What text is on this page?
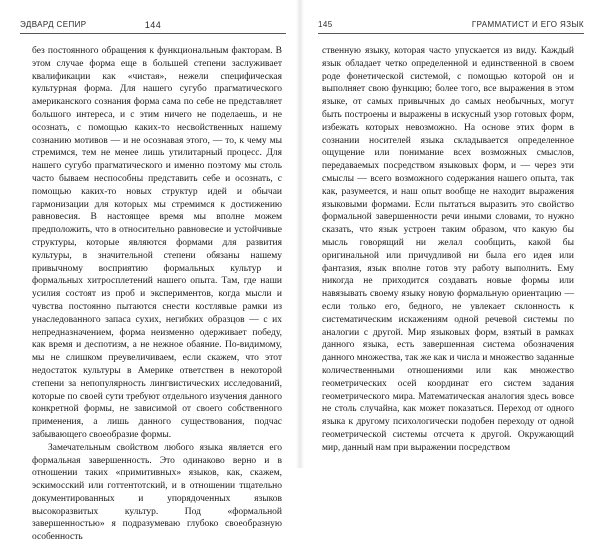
ЭДВАРД СЕПИР	144

без постоянного обращения к функциональным факторам. В этом случае форма еще в большей степени заслуживает квалификации как «чистая», нежели специфическая культурная форма. Для нашего сугубо прагматического американского сознания форма сама по себе не представляет большого интереса, и с этим ничего не поделаешь, и не осознать, с помощью каких-то несвойственных нашему сознанию мотивов — и не осознавая этого, — то, к чему мы стремимся, тем не менее лишь утилитарный процесс. Для нашего сугубо прагматического и именно поэтому мы столь часто бываем неспособны представить себе и осознать, с помощью каких-то новых структур идей и обычаи гармонизации для которых мы стремимся к достижению равновесия. В настоящее время мы вполне можем предположить, что в относительно равновесие и устойчивые структуры, которые являются формами для развития культуры, в значительной степени обязаны нашему привычному восприятию формальных культур и формальных хитросплетений нашего опыта. Там, где наши усилия состоят из проб и экспериментов, когда мысли и чувства постоянно пытаются снести костлявые рамки из унаследованного запаса сухих, негибких образцов — с их непредназначением, форма неизменно одерживает победу, как время и деспотизм, а не нежное обаяние. По-видимому, мы не слишком преувеличиваем, если скажем, что этот недостаток культуры в Америке ответствен в некоторой степени за непопулярность лингвистических исследований, которые по своей сути требуют отдельного изучения данного конкретной формы, не зависимой от своего собственного применения, а лишь данного существования, подчас забывающего своеобразие формы.

Замечательным свойством любого языка является его формальная завершенность. Это одинаково верно и в отношении таких «примитивных» языков, как, скажем, эскимосский или готтентотский, и в отношении тщательно документированных и упорядоченных языков высокоразвитых культур. Под «формальной завершенностью» я подразумеваю глубоко своеобразную особенность

145	ГРАММАТИСТ И ЕГО ЯЗЫК

ственную языку, которая часто упускается из виду. Каждый язык обладает четко определенной и единственной в своем роде фонетической системой, с помощью которой он и выполняет свою функцию; более того, все выражения в этом языке, от самых привычных до самых необычных, могут быть построены и выражены в искусный узор готовых форм, избежать которых невозможно. На основе этих форм в сознании носителей языка складывается определенное ощущение или понимание всех возможных смыслов, передаваемых посредством языковых форм, и — через эти смыслы — всего возможного содержания нашего опыта, так как, разумеется, и наш опыт вообще не находит выражения языковыми формами. Если пытаться выразить это свойство формальной завершенности речи иными словами, то нужно сказать, что язык устроен таким образом, что какую бы мысль говорящий ни желал сообщить, какой бы оригинальной или причудливой ни была его идея или фантазия, язык вполне готов эту работу выполнить. Ему никогда не приходится создавать новые формы или навязывать своему языку новую формальную ориентацию — если только его, бедного, не увлекает склонность к систематическим искажениям одной речевой системы по аналогии с другой. Мир языковых форм, взятый в рамках данного языка, есть завершенная система обозначения данного множества, так же как и числа и множество заданные количественными отношениями или как множество геометрических осей координат его систем задания геометрического мира. Математическая аналогия здесь вовсе не столь случайна, как может показаться. Переход от одного языка к другому психологически подобен переходу от одной геометрической системы отсчета к другой. Окружающий мир, данный нам при выражении посредством
